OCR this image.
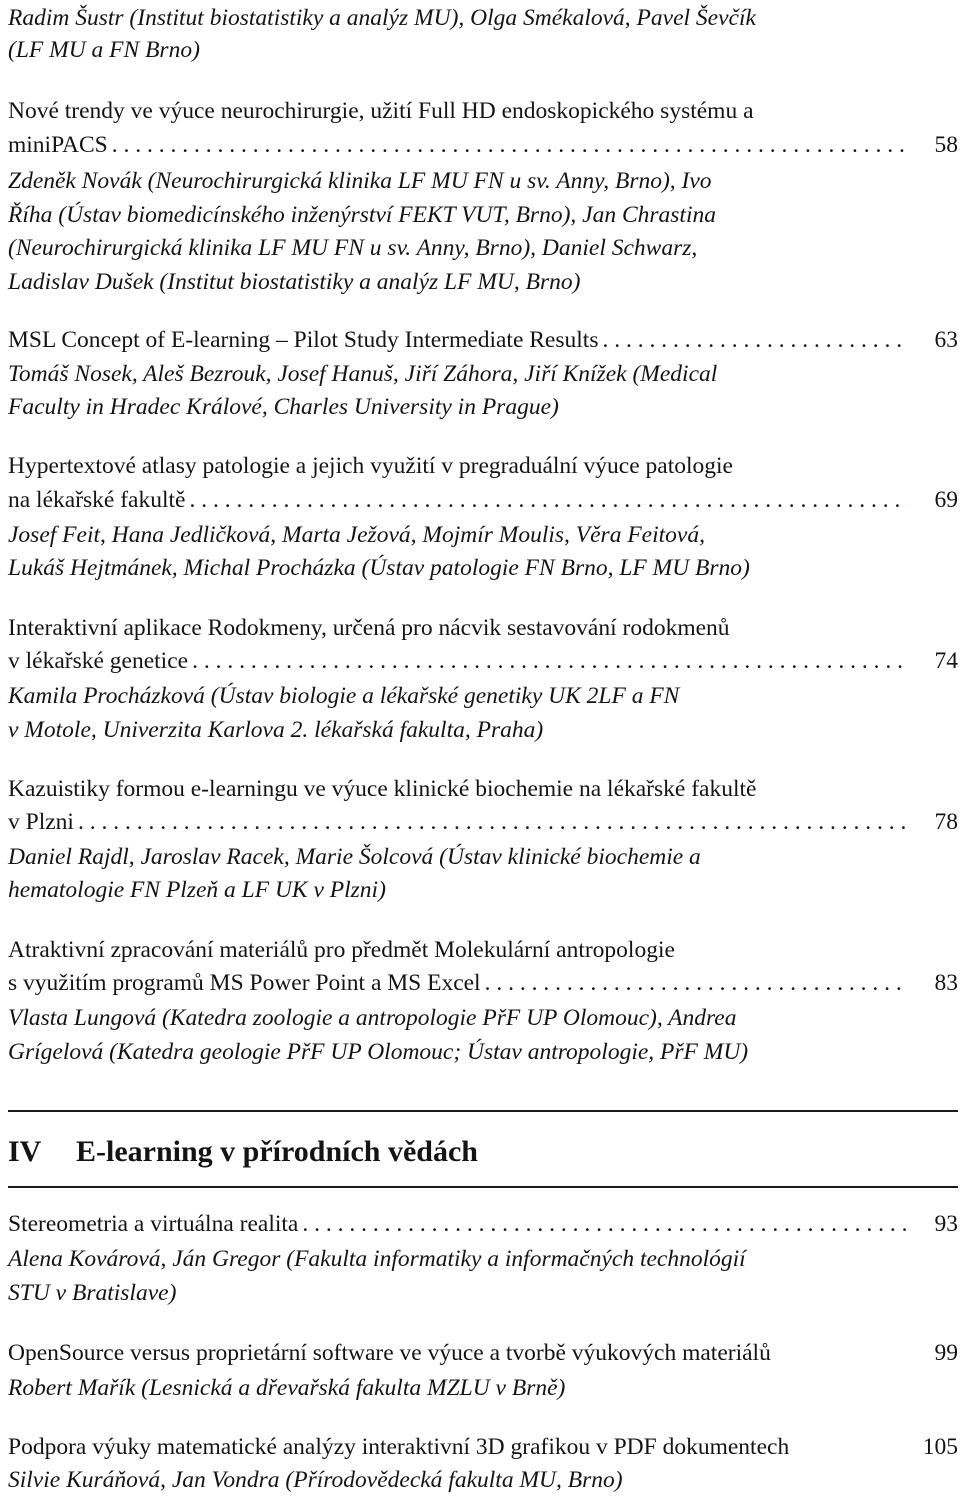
Radim Šustr (Institut biostatistiky a analýz MU), Olga Smékalová, Pavel Ševčík
(LF MU a FN Brno)
Nové trendy ve výuce neurochirurgie, užití Full HD endoskopického systému a
miniPACS . . .	58
Zdeněk Novák (Neurochirurgická klinika LF MU FN u sv. Anny, Brno), Ivo
Říha (Ústav biomedicínského inženýrství FEKT VUT, Brno), Jan Chrastina
(Neurochirurgická klinika LF MU FN u sv. Anny, Brno), Daniel Schwarz,
Ladislav Dušek (Institut biostatistiky a analýz LF MU, Brno)
MSL Concept of E-learning – Pilot Study Intermediate Results . . .	63
Tomáš Nosek, Aleš Bezrouk, Josef Hanuš, Jiří Záhora, Jiří Knížek (Medical
Faculty in Hradec Králové, Charles University in Prague)
Hypertextové atlasy patologie a jejich využití v pregraduální výuce patologie
na lékařské fakultě . . .	69
Josef Feit, Hana Jedličková, Marta Ježová, Mojmír Moulis, Věra Feitová,
Lukáš Hejtmánek, Michal Procházka (Ústav patologie FN Brno, LF MU Brno)
Interaktivní aplikace Rodokmeny, určená pro nácvik sestavování rodokmenů
v lékařské genetice . . .	74
Kamila Procházková (Ústav biologie a lékařské genetiky UK 2LF a FN
v Motole, Univerzita Karlova 2. lékařská fakulta, Praha)
Kazuistiky formou e-learningu ve výuce klinické biochemie na lékařské fakultě
v Plzni . . .	78
Daniel Rajdl, Jaroslav Racek, Marie Šolcová (Ústav klinické biochemie a
hematologie FN Plzeň a LF UK v Plzni)
Atraktivní zpracování materiálů pro předmět Molekulární antropologie
s využitím programů MS Power Point a MS Excel . . .	83
Vlasta Lungová (Katedra zoologie a antropologie PřF UP Olomouc), Andrea
Grígelová (Katedra geologie PřF UP Olomouc; Ústav antropologie, PřF MU)
IV E-learning v přírodních vědách
Stereometria a virtuálna realita . . .	93
Alena Kovárová, Ján Gregor (Fakulta informatiky a informačných technológií
STU v Bratislave)
OpenSource versus proprietární software ve výuce a tvorbě výukových materiálů	99
Robert Mařík (Lesnická a dřevařská fakulta MZLU v Brně)
Podpora výuky matematické analýzy interaktivní 3D grafikou v PDF dokumentech	105
Silvie Kuráňová, Jan Vondra (Přírodovědecká fakulta MU, Brno)
